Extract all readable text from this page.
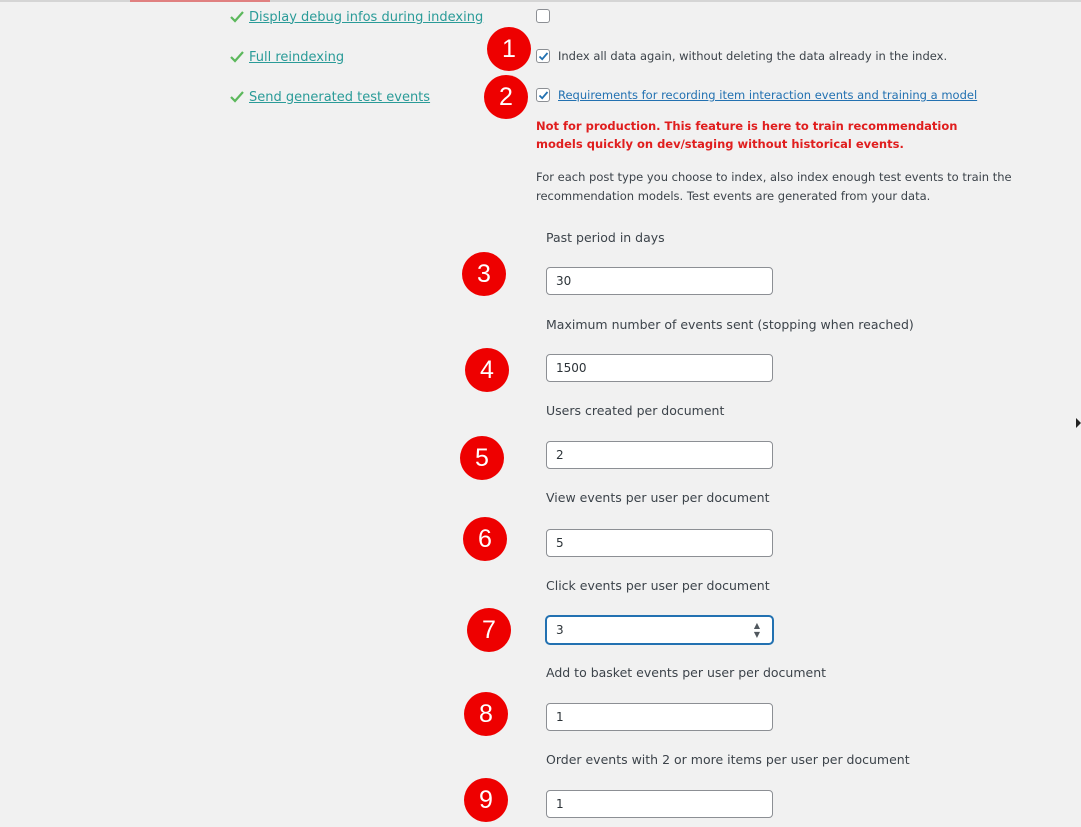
Display debug infos during indexing
Full reindexing
Send generated test events
Index all data again, without deleting the data already in the index.
Requirements for recording item interaction events and training a model
Not for production. This feature is here to train recommendation models quickly on dev/staging without historical events.
For each post type you choose to index, also index enough test events to train the recommendation models. Test events are generated from your data.
Past period in days
30
Maximum number of events sent (stopping when reached)
1500
Users created per document
2
View events per user per document
5
Click events per user per document
3
▲
▼
Add to basket events per user per document
1
Order events with 2 or more items per user per document
1
1
2
3
4
5
6
7
8
9
